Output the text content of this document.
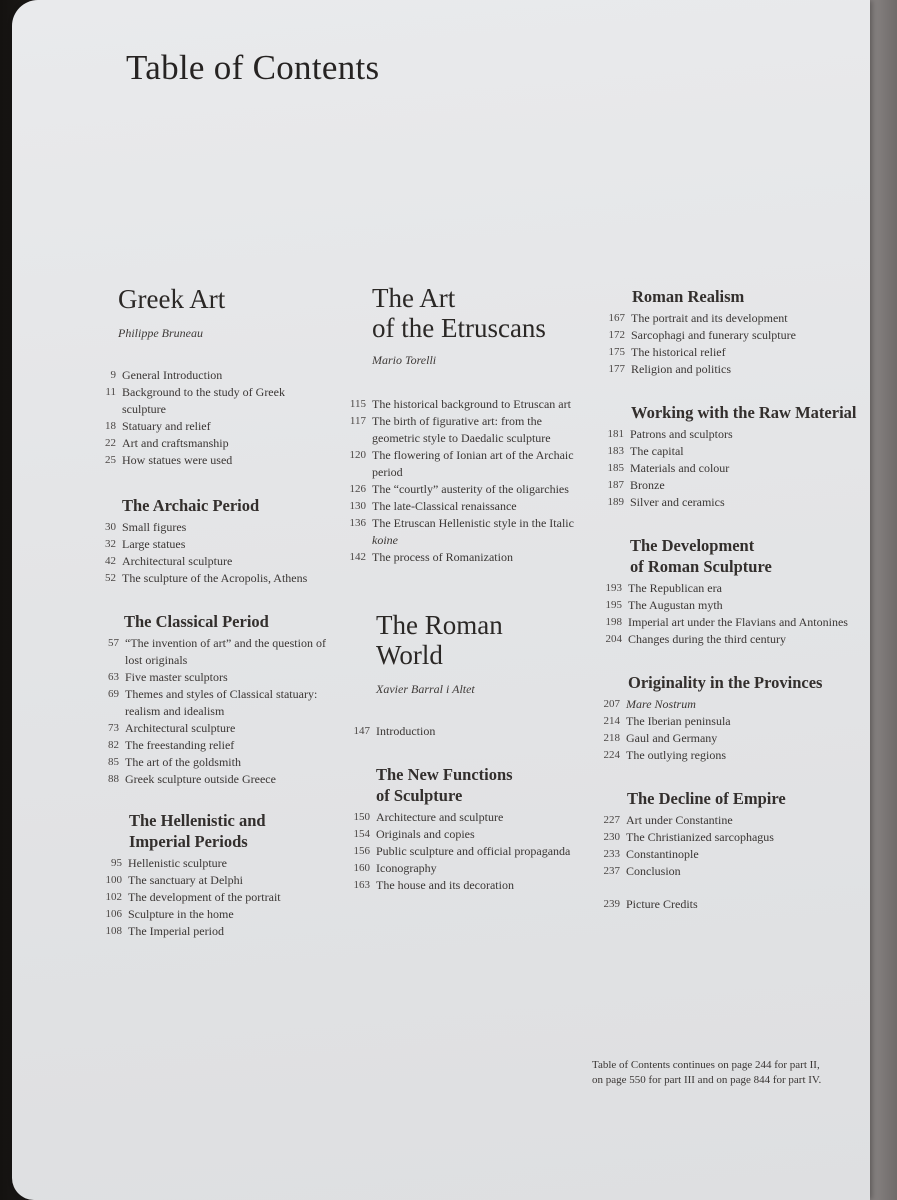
Table of Contents
Greek Art

Philippe Bruneau

9 General Introduction
11 Background to the study of Greek sculpture
18 Statuary and relief
22 Art and craftsmanship
25 How statues were used
The Archaic Period
30 Small figures
32 Large statues
42 Architectural sculpture
52 The sculpture of the Acropolis, Athens
The Classical Period
57 “The invention of art” and the question of lost originals
63 Five master sculptors
69 Themes and styles of Classical statuary: realism and idealism
73 Architectural sculpture
82 The freestanding relief
85 The art of the goldsmith
88 Greek sculpture outside Greece
The Hellenistic and
Imperial Periods
95 Hellenistic sculpture
100 The sanctuary at Delphi
102 The development of the portrait
106 Sculpture in the home
108 The Imperial period
The Art
of the Etruscans

Mario Torelli

115 The historical background to Etruscan art
117 The birth of figurative art: from the geometric style to Daedalic sculpture
120 The flowering of Ionian art of the Archaic period
126 The “courtly” austerity of the oligarchies
130 The late-Classical renaissance
136 The Etruscan Hellenistic style in the Italic koine
142 The process of Romanization
The Roman
World

Xavier Barral i Altet

147 Introduction
The New Functions
of Sculpture
150 Architecture and sculpture
154 Originals and copies
156 Public sculpture and official propaganda
160 Iconography
163 The house and its decoration
Roman Realism
167 The portrait and its development
172 Sarcophagi and funerary sculpture
175 The historical relief
177 Religion and politics
Working with the Raw Material
181 Patrons and sculptors
183 The capital
185 Materials and colour
187 Bronze
189 Silver and ceramics
The Development
of Roman Sculpture
193 The Republican era
195 The Augustan myth
198 Imperial art under the Flavians and Antonines
204 Changes during the third century
Originality in the Provinces
207 Mare Nostrum
214 The Iberian peninsula
218 Gaul and Germany
224 The outlying regions
The Decline of Empire
227 Art under Constantine
230 The Christianized sarcophagus
233 Constantinople
237 Conclusion
239 Picture Credits

Table of Contents continues on page 244 for part II, on page 550 for part III and on page 844 for part IV.
